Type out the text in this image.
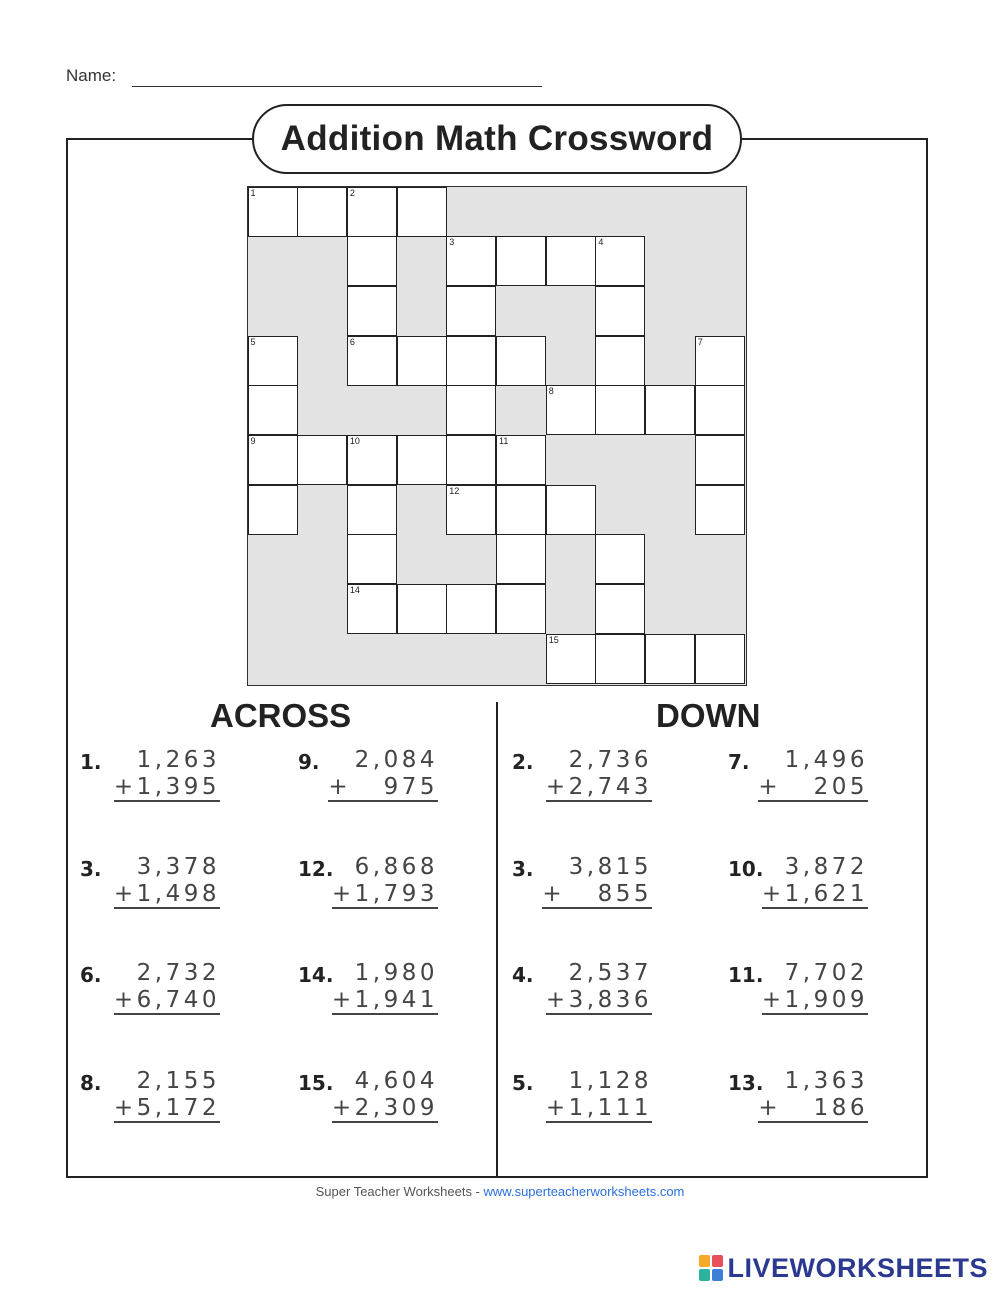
Name:
Addition Math Crossword
1	2
3	4
5	6	7
8
9	10	11
12
14
15
ACROSS	DOWN
1. 1,263
+1,395
3. 3,378
+1,498
6. 2,732
+6,740
8. 2,155
+5,172
9. 2,084
+   975
12. 6,868
+1,793
14. 1,980
+1,941
15. 4,604
+2,309
2. 2,736
+2,743
3. 3,815
+   855
4. 2,537
+3,836
5. 1,128
+1,111
7. 1,496
+   205
10. 3,872
+1,621
11. 7,702
+1,909
13. 1,363
+   186
Super Teacher Worksheets - www.superteacherworksheets.com
LIVEWORKSHEETS
